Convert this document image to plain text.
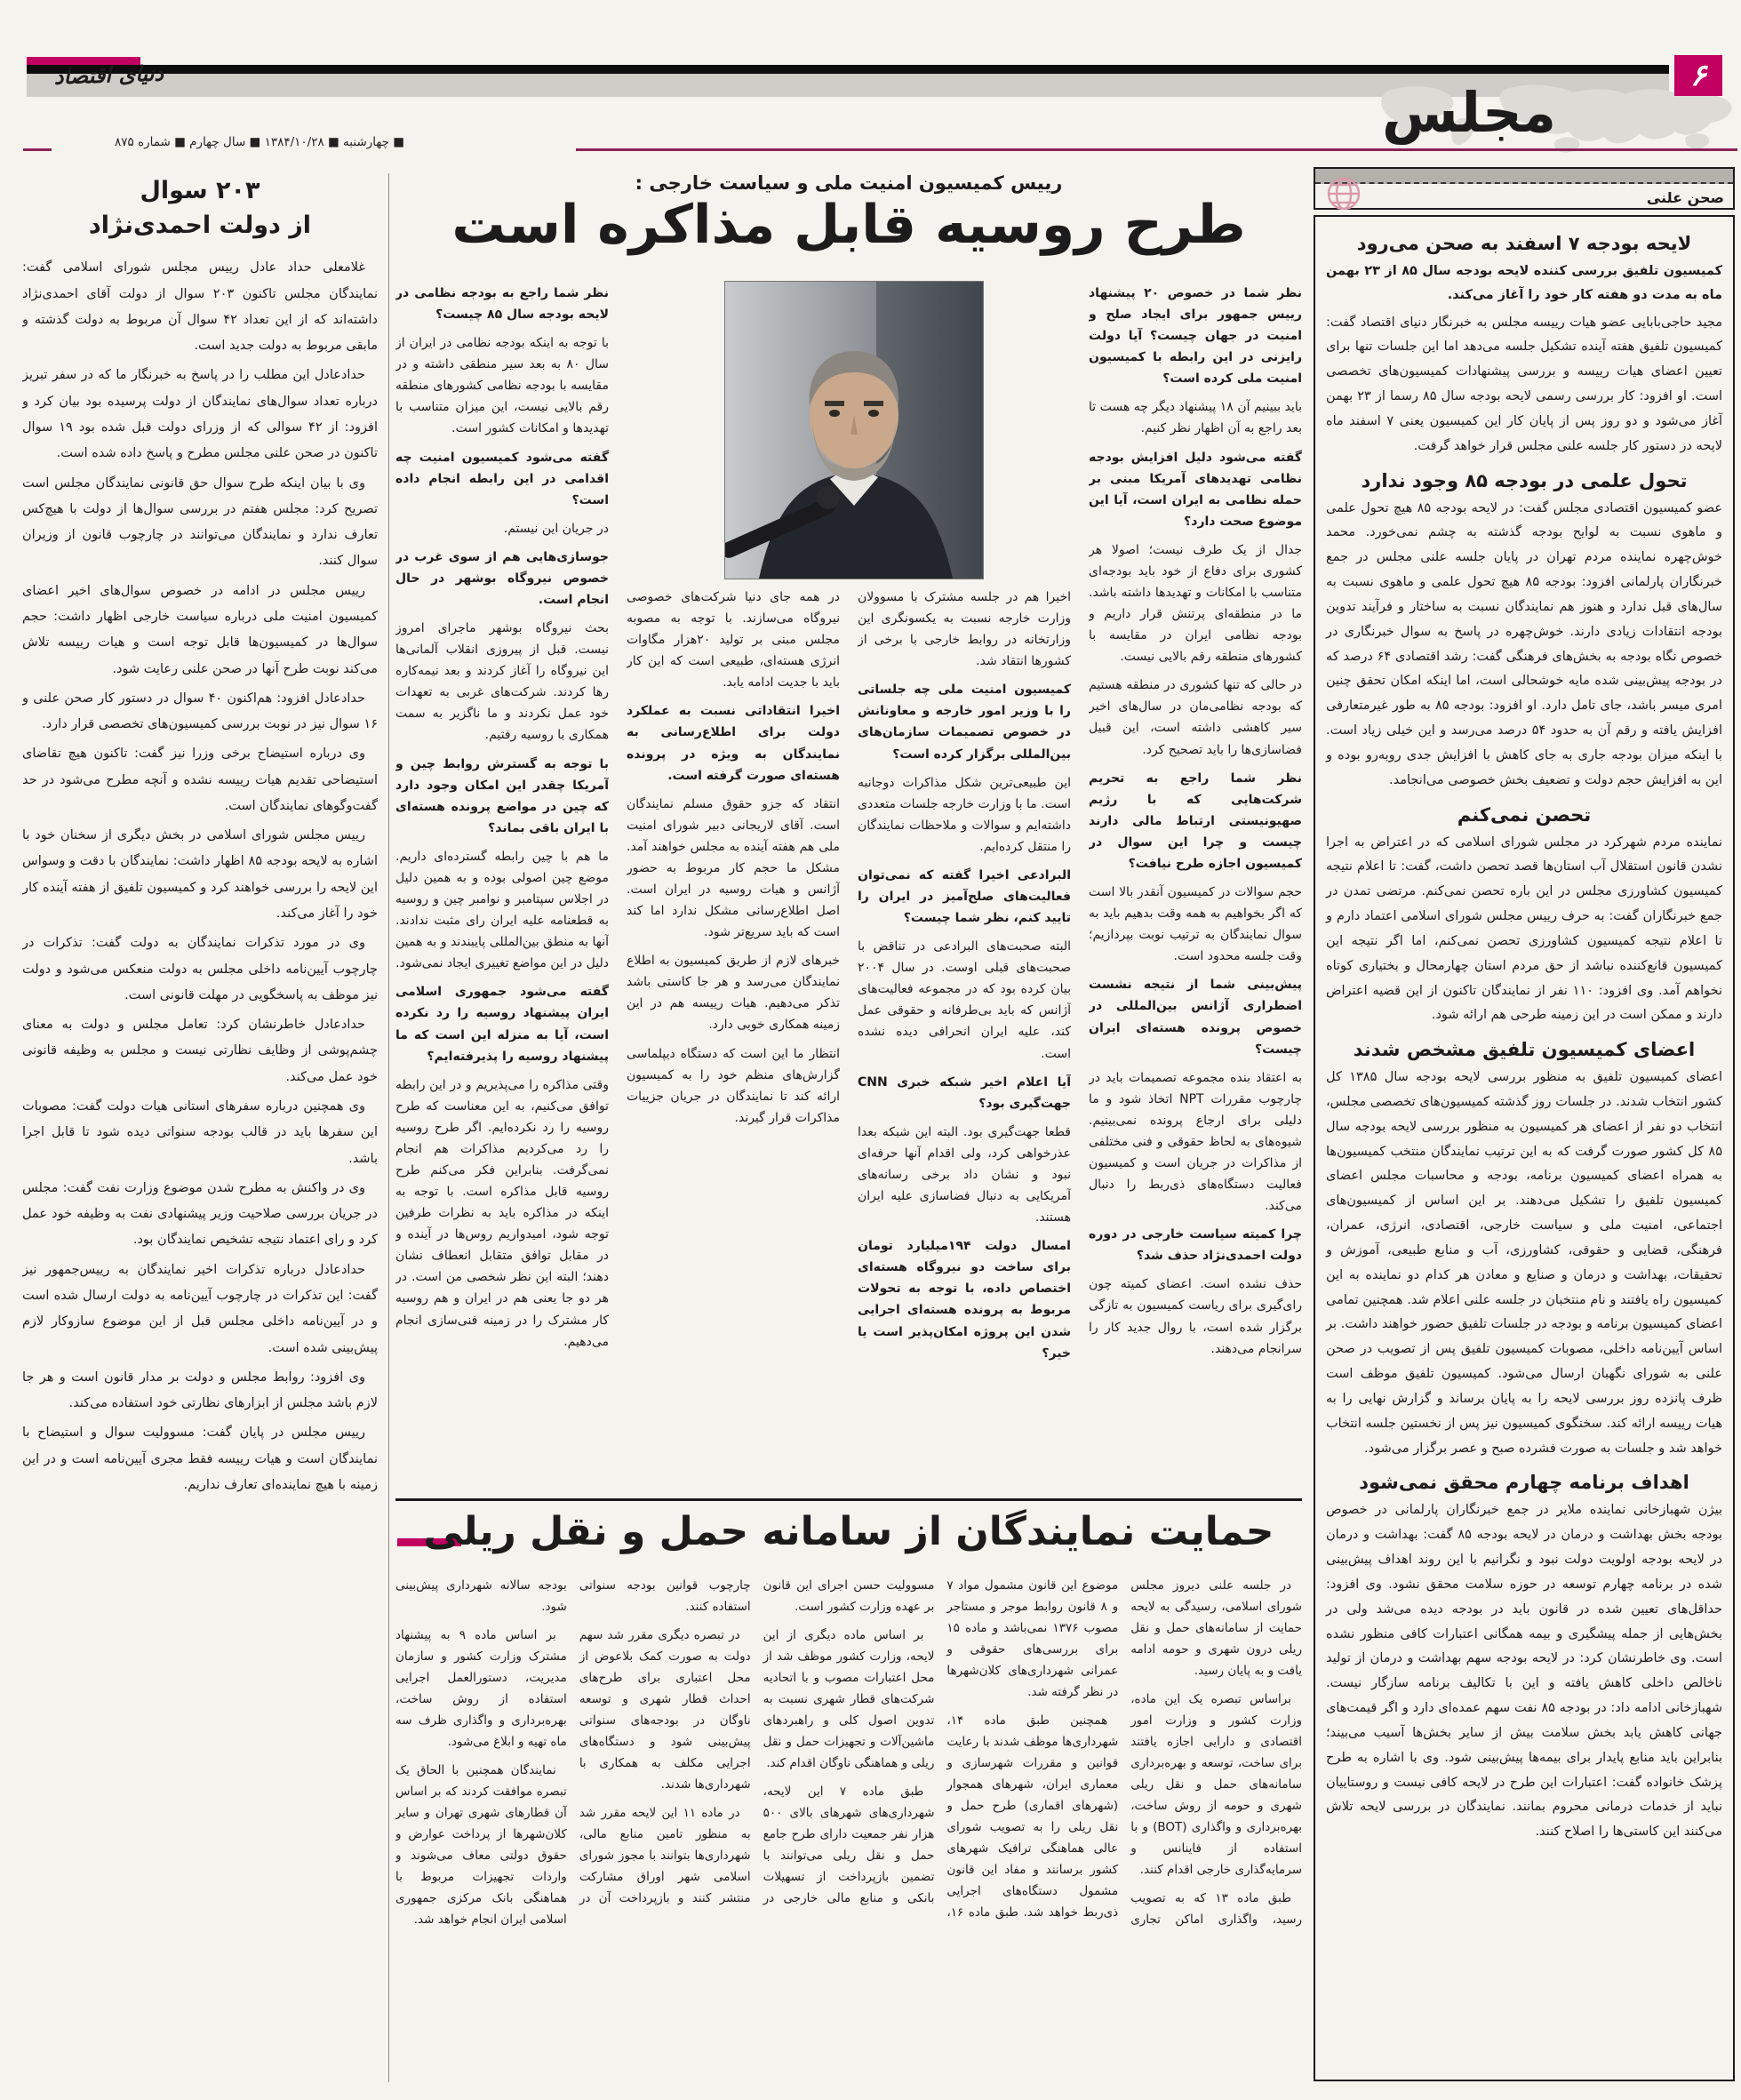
دنیای اقتصاد	۶
مجلس
■ چهارشنبه ■ ۱۳۸۴/۱۰/۲۸ ■ سال چهارم ■ شماره ۸۷۵
۲۰۳ سوال
از دولت احمدی‌نژاد

غلامعلی حداد عادل رییس مجلس شورای اسلامی گفت: نمایندگان مجلس تاکنون ۲۰۳ سوال از دولت آقای احمدی‌نژاد داشته‌اند که از این تعداد ۴۲ سوال آن مربوط به دولت گذشته و مابقی مربوط به دولت جدید است.

حدادعادل این مطلب را در پاسخ به خبرنگار ما که در سفر تبریز درباره تعداد سوال‌های نمایندگان از دولت پرسیده بود بیان کرد و افزود: از ۴۲ سوالی که از وزرای دولت قبل شده بود ۱۹ سوال تاکنون در صحن علنی مجلس مطرح و پاسخ داده شده است.

وی با بیان اینکه طرح سوال حق قانونی نمایندگان مجلس است تصریح کرد: مجلس هفتم در بررسی سوال‌ها از دولت با هیچ‌کس تعارف ندارد و نمایندگان می‌توانند در چارچوب قانون از وزیران سوال کنند.

رییس مجلس در ادامه در خصوص سوال‌های اخیر اعضای کمیسیون امنیت ملی درباره سیاست خارجی اظهار داشت: حجم سوال‌ها در کمیسیون‌ها قابل توجه است و هیات رییسه تلاش می‌کند نوبت طرح آنها در صحن علنی رعایت شود.

حدادعادل افزود: هم‌اکنون ۴۰ سوال در دستور کار صحن علنی و ۱۶ سوال نیز در نوبت بررسی کمیسیون‌های تخصصی قرار دارد.

وی درباره استیضاح برخی وزرا نیز گفت: تاکنون هیچ تقاضای استیضاحی تقدیم هیات رییسه نشده و آنچه مطرح می‌شود در حد گفت‌وگوهای نمایندگان است.

رییس مجلس شورای اسلامی در بخش دیگری از سخنان خود با اشاره به لایحه بودجه ۸۵ اظهار داشت: نمایندگان با دقت و وسواس این لایحه را بررسی خواهند کرد و کمیسیون تلفیق از هفته آینده کار خود را آغاز می‌کند.

وی در مورد تذکرات نمایندگان به دولت گفت: تذکرات در چارچوب آیین‌نامه داخلی مجلس به دولت منعکس می‌شود و دولت نیز موظف به پاسخگویی در مهلت قانونی است.

حدادعادل خاطرنشان کرد: تعامل مجلس و دولت به معنای چشم‌پوشی از وظایف نظارتی نیست و مجلس به وظیفه قانونی خود عمل می‌کند.

وی همچنین درباره سفرهای استانی هیات دولت گفت: مصوبات این سفرها باید در قالب بودجه سنواتی دیده شود تا قابل اجرا باشد.

وی در واکنش به مطرح شدن موضوع وزارت نفت گفت: مجلس در جریان بررسی صلاحیت وزیر پیشنهادی نفت به وظیفه خود عمل کرد و رای اعتماد نتیجه تشخیص نمایندگان بود.

حدادعادل درباره تذکرات اخیر نمایندگان به رییس‌جمهور نیز گفت: این تذکرات در چارچوب آیین‌نامه به دولت ارسال شده است و در آیین‌نامه داخلی مجلس قبل از این موضوع سازوکار لازم پیش‌بینی شده است.

وی افزود: روابط مجلس و دولت بر مدار قانون است و هر جا لازم باشد مجلس از ابزارهای نظارتی خود استفاده می‌کند.

رییس مجلس در پایان گفت: مسوولیت سوال و استیضاح با نمایندگان است و هیات رییسه فقط مجری آیین‌نامه است و در این زمینه با هیچ نماینده‌ای تعارف نداریم.

رییس کمیسیون امنیت ملی و سیاست خارجی :
طرح روسیه قابل مذاکره است

نظر شما در خصوص ۲۰ پیشنهاد رییس جمهور برای ایجاد صلح و امنیت در جهان چیست؟ آیا دولت رایزنی در این رابطه با کمیسیون امنیت ملی کرده است؟

باید ببینیم آن ۱۸ پیشنهاد دیگر چه هست تا بعد راجع به آن اظهار نظر کنیم.

گفته می‌شود دلیل افزایش بودجه نظامی تهدیدهای آمریکا مبنی بر حمله نظامی به ایران است، آیا این موضوع صحت دارد؟

جدال از یک طرف نیست؛ اصولا هر کشوری برای دفاع از خود باید بودجه‌ای متناسب با امکانات و تهدیدها داشته باشد. ما در منطقه‌ای پرتنش قرار داریم و بودجه نظامی ایران در مقایسه با کشورهای منطقه رقم بالایی نیست.

در حالی که تنها کشوری در منطقه هستیم که بودجه نظامی‌مان در سال‌های اخیر سیر کاهشی داشته است، این قبیل فضاسازی‌ها را باید تصحیح کرد.

نظر شما راجع به تحریم شرکت‌هایی که با رژیم صهیونیستی ارتباط مالی دارند چیست و چرا این سوال در کمیسیون اجازه طرح نیافت؟

حجم سوالات در کمیسیون آنقدر بالا است که اگر بخواهیم به همه وقت بدهیم باید به سوال نمایندگان به ترتیب نوبت بپردازیم؛ وقت جلسه محدود است.

پیش‌بینی شما از نتیجه نشست اضطراری آژانس بین‌المللی در خصوص پرونده هسته‌ای ایران چیست؟

به اعتقاد بنده مجموعه تصمیمات باید در چارچوب مقررات NPT اتخاذ شود و ما دلیلی برای ارجاع پرونده نمی‌بینیم. شیوه‌های به لحاظ حقوقی و فنی مختلفی از مذاکرات در جریان است و کمیسیون فعالیت دستگاه‌های ذی‌ربط را دنبال می‌کند.

چرا کمیته سیاست خارجی در دوره دولت احمدی‌نژاد حذف شد؟

حذف نشده است. اعضای کمیته چون رای‌گیری برای ریاست کمیسیون به تازگی برگزار شده است، با روال جدید کار را سرانجام می‌دهند.

اخیرا هم در جلسه مشترک با مسوولان وزارت خارجه نسبت به یکسونگری این وزارتخانه در روابط خارجی با برخی از کشورها انتقاد شد.

کمیسیون امنیت ملی چه جلساتی را با وزیر امور خارجه و معاونانش در خصوص تصمیمات سازمان‌های بین‌المللی برگزار کرده است؟

این طبیعی‌ترین شکل مذاکرات دوجانبه است. ما با وزارت خارجه جلسات متعددی داشته‌ایم و سوالات و ملاحظات نمایندگان را منتقل کرده‌ایم.

البرادعی اخیرا گفته که نمی‌توان فعالیت‌های صلح‌آمیز در ایران را تایید کنم، نظر شما چیست؟

البته صحبت‌های البرادعی در تناقض با صحبت‌های قبلی اوست. در سال ۲۰۰۴ بیان کرده بود که در مجموعه فعالیت‌های آژانس که باید بی‌طرفانه و حقوقی عمل کند، علیه ایران انحرافی دیده نشده است.

آیا اعلام اخیر شبکه خبری CNN جهت‌گیری بود؟

قطعا جهت‌گیری بود. البته این شبکه بعدا عذرخواهی کرد، ولی اقدام آنها حرفه‌ای نبود و نشان داد برخی رسانه‌های آمریکایی به دنبال فضاسازی علیه ایران هستند.

امسال دولت ۱۹۴میلیارد تومان برای ساخت دو نیروگاه هسته‌ای اختصاص داده، با توجه به تحولات مربوط به پرونده هسته‌ای اجرایی شدن این پروژه امکان‌پذیر است یا خیر؟

در همه جای دنیا شرکت‌های خصوصی نیروگاه می‌سازند. با توجه به مصوبه مجلس مبنی بر تولید ۲۰هزار مگاوات انرژی هسته‌ای، طبیعی است که این کار باید با جدیت ادامه یابد.

اخیرا انتقاداتی نسبت به عملکرد دولت برای اطلاع‌رسانی به نمایندگان به ویژه در پرونده هسته‌ای صورت گرفته است.

انتقاد که جزو حقوق مسلم نمایندگان است. آقای لاریجانی دبیر شورای امنیت ملی هم هفته آینده به مجلس خواهند آمد. مشکل ما حجم کار مربوط به حضور آژانس و هیات روسیه در ایران است. اصل اطلاع‌رسانی مشکل ندارد اما کند است که باید سریع‌تر شود.

خبرهای لازم از طریق کمیسیون به اطلاع نمایندگان می‌رسد و هر جا کاستی باشد تذکر می‌دهیم. هیات رییسه هم در این زمینه همکاری خوبی دارد.

انتظار ما این است که دستگاه دیپلماسی گزارش‌های منظم خود را به کمیسیون ارائه کند تا نمایندگان در جریان جزییات مذاکرات قرار گیرند.

نظر شما راجع به بودجه نظامی در لایحه بودجه سال ۸۵ چیست؟

با توجه به اینکه بودجه نظامی در ایران از سال ۸۰ به بعد سیر منطقی داشته و در مقایسه با بودجه نظامی کشورهای منطقه رقم بالایی نیست، این میزان متناسب با تهدیدها و امکانات کشور است.

گفته می‌شود کمیسیون امنیت چه اقدامی در این رابطه انجام داده است؟

در جریان این نیستم.

جوسازی‌هایی هم از سوی غرب در خصوص نیروگاه بوشهر در حال انجام است.

بحث نیروگاه بوشهر ماجرای امروز نیست. قبل از پیروزی انقلاب آلمانی‌ها این نیروگاه را آغاز کردند و بعد نیمه‌کاره رها کردند. شرکت‌های غربی به تعهدات خود عمل نکردند و ما ناگزیر به سمت همکاری با روسیه رفتیم.

با توجه به گسترش روابط چین و آمریکا چقدر این امکان وجود دارد که چین در مواضع پرونده هسته‌ای با ایران باقی بماند؟

ما هم با چین رابطه گسترده‌ای داریم. موضع چین اصولی بوده و به همین دلیل در اجلاس سپتامبر و نوامبر چین و روسیه به قطعنامه علیه ایران رای مثبت ندادند. آنها به منطق بین‌المللی پایبندند و به همین دلیل در این مواضع تغییری ایجاد نمی‌شود.

گفته می‌شود جمهوری اسلامی ایران پیشنهاد روسیه را رد نکرده است، آیا به منزله این است که ما پیشنهاد روسیه را پذیرفته‌ایم؟

وقتی مذاکره را می‌پذیریم و در این رابطه توافق می‌کنیم، به این معناست که طرح روسیه را رد نکرده‌ایم. اگر طرح روسیه را رد می‌کردیم مذاکرات هم انجام نمی‌گرفت. بنابراین فکر می‌کنم طرح روسیه قابل مذاکره است. با توجه به اینکه در مذاکره باید به نظرات طرفین توجه شود، امیدواریم روس‌ها در آینده و در مقابل توافق متقابل انعطاف نشان دهند؛ البته این نظر شخصی من است. در هر دو جا یعنی هم در ایران و هم روسیه کار مشترک را در زمینه فنی‌سازی انجام می‌دهیم.

حمایت نمایندگان از سامانه حمل و نقل ریلی

در جلسه علنی دیروز مجلس شورای اسلامی، رسیدگی به لایحه حمایت از سامانه‌های حمل و نقل ریلی درون شهری و حومه ادامه یافت و به پایان رسید.

براساس تبصره یک این ماده، وزارت کشور و وزارت امور اقتصادی و دارایی اجازه یافتند برای ساخت، توسعه و بهره‌برداری سامانه‌های حمل و نقل ریلی شهری و حومه از روش ساخت، بهره‌برداری و واگذاری (BOT) و با استفاده از فاینانس و سرمایه‌گذاری خارجی اقدام کنند.

طبق ماده ۱۳ که به تصویب رسید، واگذاری اماکن تجاری موضوع این قانون مشمول مواد ۷ و ۸ قانون روابط موجر و مستاجر مصوب ۱۳۷۶ نمی‌باشد و ماده ۱۵ برای بررسی‌های حقوقی و عمرانی شهرداری‌های کلان‌شهرها در نظر گرفته شد.

همچنین طبق ماده ۱۴، شهرداری‌ها موظف شدند با رعایت قوانین و مقررات شهرسازی و معماری ایران، شهرهای همجوار (شهرهای اقماری) طرح حمل و نقل ریلی را به تصویب شورای عالی هماهنگی ترافیک شهرهای کشور برسانند و مفاد این قانون مشمول دستگاه‌های اجرایی ذی‌ربط خواهد شد. طبق ماده ۱۶، مسوولیت حسن اجرای این قانون بر عهده وزارت کشور است.

بر اساس ماده دیگری از این لایحه، وزارت کشور موظف شد از محل اعتبارات مصوب و با اتحادیه شرکت‌های قطار شهری نسبت به تدوین اصول کلی و راهبردهای ماشین‌آلات و تجهیزات حمل و نقل ریلی و هماهنگی ناوگان اقدام کند.

طبق ماده ۷ این لایحه، شهرداری‌های شهرهای بالای ۵۰۰ هزار نفر جمعیت دارای طرح جامع حمل و نقل ریلی می‌توانند با تضمین بازپرداخت از تسهیلات بانکی و منابع مالی خارجی در چارچوب قوانین بودجه سنواتی استفاده کنند.

در تبصره دیگری مقرر شد سهم دولت به صورت کمک بلاعوض از محل اعتباری برای طرح‌های احداث قطار شهری و توسعه ناوگان در بودجه‌های سنواتی پیش‌بینی شود و دستگاه‌های اجرایی مکلف به همکاری با شهرداری‌ها شدند.

در ماده ۱۱ این لایحه مقرر شد به منظور تامین منابع مالی، شهرداری‌ها بتوانند با مجوز شورای اسلامی شهر اوراق مشارکت منتشر کنند و بازپرداخت آن در بودجه سالانه شهرداری پیش‌بینی شود.

بر اساس ماده ۹ به پیشنهاد مشترک وزارت کشور و سازمان مدیریت، دستورالعمل اجرایی استفاده از روش ساخت، بهره‌برداری و واگذاری ظرف سه ماه تهیه و ابلاغ می‌شود.

نمایندگان همچنین با الحاق یک تبصره موافقت کردند که بر اساس آن قطارهای شهری تهران و سایر کلان‌شهرها از پرداخت عوارض و حقوق دولتی معاف می‌شوند و واردات تجهیزات مربوط با هماهنگی بانک مرکزی جمهوری اسلامی ایران انجام خواهد شد.

صحن علنی
لایحه بودجه ۷ اسفند به صحن می‌رود

کمیسیون تلفیق بررسی کننده لایحه بودجه سال ۸۵ از ۲۳ بهمن ماه به مدت دو هفته کار خود را آغاز می‌کند.

مجید حاجی‌بابایی عضو هیات رییسه مجلس به خبرنگار دنیای اقتصاد گفت: کمیسیون تلفیق هفته آینده تشکیل جلسه می‌دهد اما این جلسات تنها برای تعیین اعضای هیات رییسه و بررسی پیشنهادات کمیسیون‌های تخصصی است. او افزود: کار بررسی رسمی لایحه بودجه سال ۸۵ رسما از ۲۳ بهمن آغاز می‌شود و دو روز پس از پایان کار این کمیسیون یعنی ۷ اسفند ماه لایحه در دستور کار جلسه علنی مجلس قرار خواهد گرفت.

تحول علمی در بودجه ۸۵ وجود ندارد

عضو کمیسیون اقتصادی مجلس گفت: در لایحه بودجه ۸۵ هیچ تحول علمی و ماهوی نسبت به لوایح بودجه گذشته به چشم نمی‌خورد. محمد خوش‌چهره نماینده مردم تهران در پایان جلسه علنی مجلس در جمع خبرنگاران پارلمانی افزود: بودجه ۸۵ هیچ تحول علمی و ماهوی نسبت به سال‌های قبل ندارد و هنوز هم نمایندگان نسبت به ساختار و فرآیند تدوین بودجه انتقادات زیادی دارند. خوش‌چهره در پاسخ به سوال خبرنگاری در خصوص نگاه بودجه به بخش‌های فرهنگی گفت: رشد اقتصادی ۶۴ درصد که در بودجه پیش‌بینی شده مایه خوشحالی است، اما اینکه امکان تحقق چنین امری میسر باشد، جای تامل دارد. او افزود: بودجه ۸۵ به طور غیرمتعارفی افزایش یافته و رقم آن به حدود ۵۴ درصد می‌رسد و این خیلی زیاد است. با اینکه میزان بودجه جاری به جای کاهش با افزایش جدی روبه‌رو بوده و این به افزایش حجم دولت و تضعیف بخش خصوصی می‌انجامد.

تحصن نمی‌کنم

نماینده مردم شهرکرد در مجلس شورای اسلامی که در اعتراض به اجرا نشدن قانون استقلال آب استان‌ها قصد تحصن داشت، گفت: تا اعلام نتیجه کمیسیون کشاورزی مجلس در این باره تحصن نمی‌کنم. مرتضی تمدن در جمع خبرنگاران گفت: به حرف رییس مجلس شورای اسلامی اعتماد دارم و تا اعلام نتیجه کمیسیون کشاورزی تحصن نمی‌کنم، اما اگر نتیجه این کمیسیون قانع‌کننده نباشد از حق مردم استان چهارمحال و بختیاری کوتاه نخواهم آمد. وی افزود: ۱۱۰ نفر از نمایندگان تاکنون از این قضیه اعتراض دارند و ممکن است در این زمینه طرحی هم ارائه شود.

اعضای کمیسیون تلفیق مشخص شدند

اعضای کمیسیون تلفیق به منظور بررسی لایحه بودجه سال ۱۳۸۵ کل کشور انتخاب شدند. در جلسات روز گذشته کمیسیون‌های تخصصی مجلس، انتخاب دو نفر از اعضای هر کمیسیون به منظور بررسی لایحه بودجه سال ۸۵ کل کشور صورت گرفت که به این ترتیب نمایندگان منتخب کمیسیون‌ها به همراه اعضای کمیسیون برنامه، بودجه و محاسبات مجلس اعضای کمیسیون تلفیق را تشکیل می‌دهند. بر این اساس از کمیسیون‌های اجتماعی، امنیت ملی و سیاست خارجی، اقتصادی، انرژی، عمران، فرهنگی، قضایی و حقوقی، کشاورزی، آب و منابع طبیعی، آموزش و تحقیقات، بهداشت و درمان و صنایع و معادن هر کدام دو نماینده به این کمیسیون راه یافتند و نام منتخبان در جلسه علنی اعلام شد. همچنین تمامی اعضای کمیسیون برنامه و بودجه در جلسات تلفیق حضور خواهند داشت. بر اساس آیین‌نامه داخلی، مصوبات کمیسیون تلفیق پس از تصویب در صحن علنی به شورای نگهبان ارسال می‌شود. کمیسیون تلفیق موظف است ظرف پانزده روز بررسی لایحه را به پایان برساند و گزارش نهایی را به هیات رییسه ارائه کند. سخنگوی کمیسیون نیز پس از نخستین جلسه انتخاب خواهد شد و جلسات به صورت فشرده صبح و عصر برگزار می‌شود.

اهداف برنامه چهارم محقق نمی‌شود

بیژن شهبازخانی نماینده ملایر در جمع خبرنگاران پارلمانی در خصوص بودجه بخش بهداشت و درمان در لایحه بودجه ۸۵ گفت: بهداشت و درمان در لایحه بودجه اولویت دولت نبود و نگرانیم با این روند اهداف پیش‌بینی شده در برنامه چهارم توسعه در حوزه سلامت محقق نشود. وی افزود: حداقل‌های تعیین شده در قانون باید در بودجه دیده می‌شد ولی در بخش‌هایی از جمله پیشگیری و بیمه همگانی اعتبارات کافی منظور نشده است. وی خاطرنشان کرد: در لایحه بودجه سهم بهداشت و درمان از تولید ناخالص داخلی کاهش یافته و این با تکالیف برنامه سازگار نیست. شهبازخانی ادامه داد: در بودجه ۸۵ نفت سهم عمده‌ای دارد و اگر قیمت‌های جهانی کاهش یابد بخش سلامت بیش از سایر بخش‌ها آسیب می‌بیند؛ بنابراین باید منابع پایدار برای بیمه‌ها پیش‌بینی شود. وی با اشاره به طرح پزشک خانواده گفت: اعتبارات این طرح در لایحه کافی نیست و روستاییان نباید از خدمات درمانی محروم بمانند. نمایندگان در بررسی لایحه تلاش می‌کنند این کاستی‌ها را اصلاح کنند.
